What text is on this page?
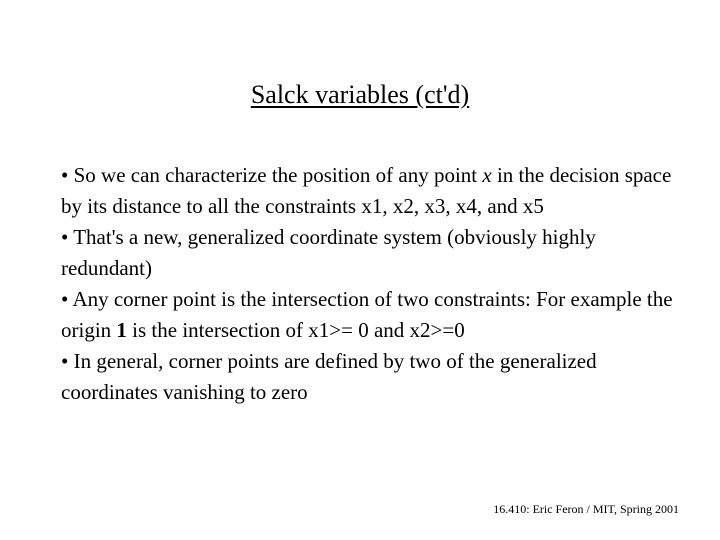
Salck variables (ct'd)

• So we can characterize the position of any point x in the decision space by its distance to all the constraints x1, x2, x3, x4, and x5

• That's a new, generalized coordinate system (obviously highly redundant)

• Any corner point is the intersection of two constraints: For example the origin 1 is the intersection of x1>= 0 and x2>=0

• In general, corner points are defined by two of the generalized coordinates vanishing to zero

16.410: Eric Feron / MIT, Spring 2001
